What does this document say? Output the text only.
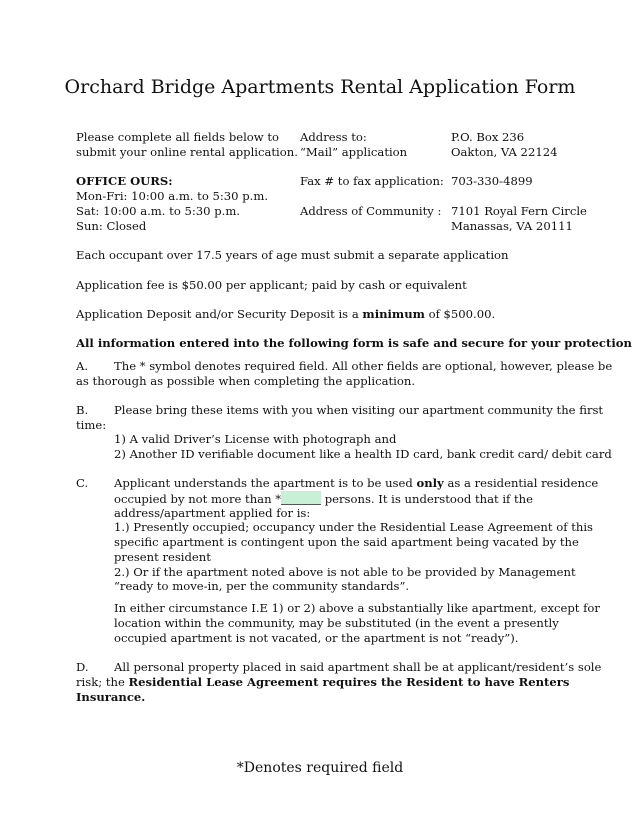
Orchard Bridge Apartments Rental Application Form
Please complete all fields below to
submit your online rental application.
Address to:
“Mail” application
P.O. Box 236
Oakton, VA 22124
OFFICE OURS:
Mon-Fri: 10:00 a.m. to 5:30 p.m.
Sat: 10:00 a.m. to 5:30 p.m.
Sun: Closed
Fax # to fax application: 703-330-4899
Address of Community : 7101 Royal Fern Circle
Manassas, VA 20111
Each occupant over 17.5 years of age must submit a separate application
Application fee is $50.00 per applicant; paid by cash or equivalent
Application Deposit and/or Security Deposit is a minimum of $500.00.
All information entered into the following form is safe and secure for your protection
A. The * symbol denotes required field. All other fields are optional, however, please be
as thorough as possible when completing the application.
B. Please bring these items with you when visiting our apartment community the first
time:
1) A valid Driver’s License with photograph and
2) Another ID verifiable document like a health ID card, bank credit card/ debit card
C. Applicant understands the apartment is to be used only as a residential residence
occupied by not more than *	persons. It is understood that if the
address/apartment applied for is:
1.) Presently occupied; occupancy under the Residential Lease Agreement of this
specific apartment is contingent upon the said apartment being vacated by the
present resident
2.) Or if the apartment noted above is not able to be provided by Management
“ready to move-in, per the community standards”.
In either circumstance I.E 1) or 2) above a substantially like apartment, except for
location within the community, may be substituted (in the event a presently
occupied apartment is not vacated, or the apartment is not “ready”).
D. All personal property placed in said apartment shall be at applicant/resident’s sole
risk; the Residential Lease Agreement requires the Resident to have Renters
Insurance.
*Denotes required field
